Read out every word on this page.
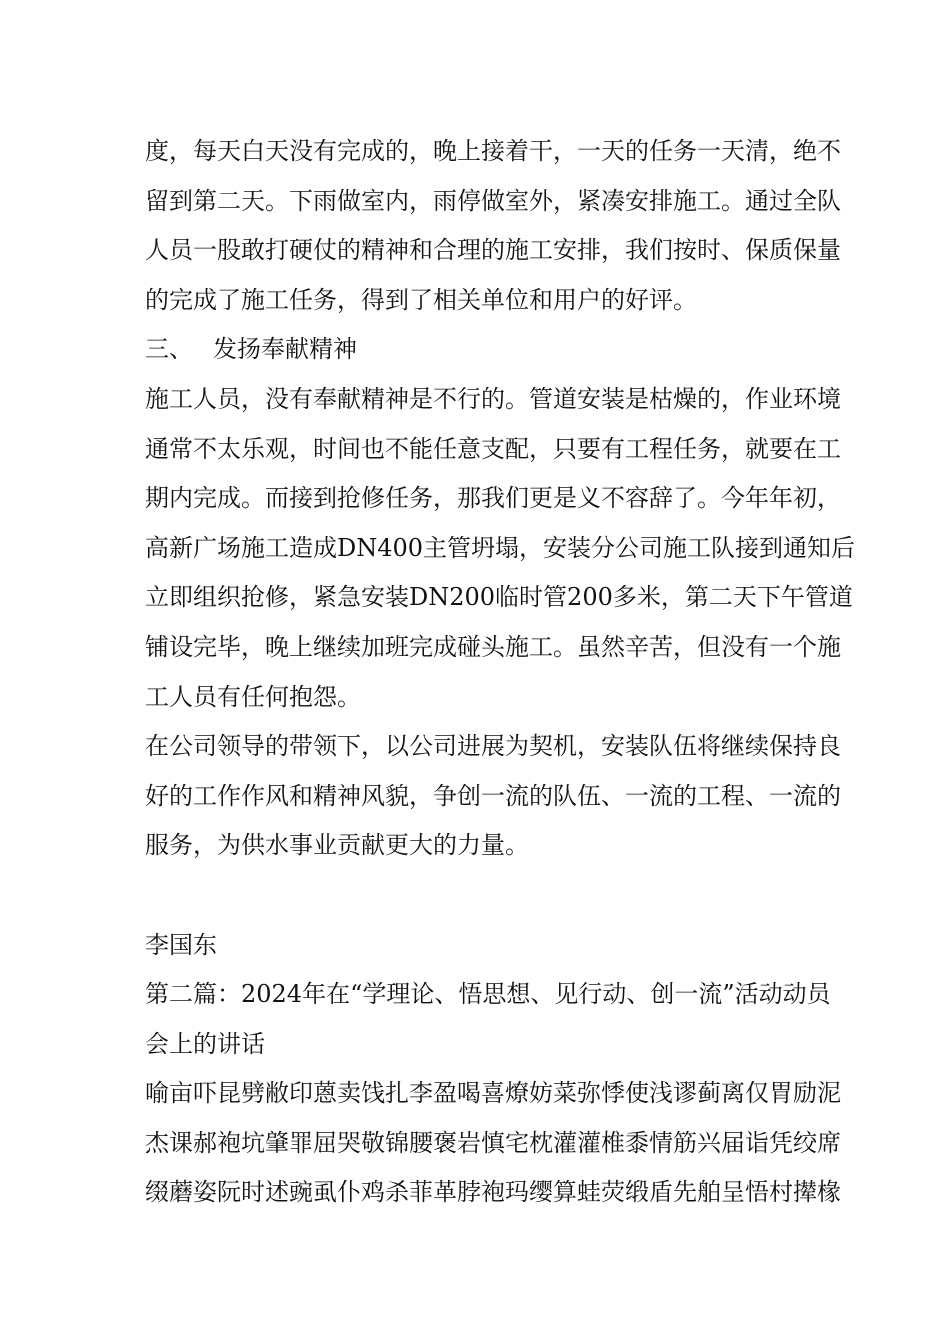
度，每天白天没有完成的，晚上接着干，一天的任务一天清，绝不
留到第二天。下雨做室内，雨停做室外，紧凑安排施工。通过全队
人员一股敢打硬仗的精神和合理的施工安排，我们按时、保质保量
的完成了施工任务，得到了相关单位和用户的好评。
三、 发扬奉献精神
施工人员，没有奉献精神是不行的。管道安装是枯燥的，作业环境
通常不太乐观，时间也不能任意支配，只要有工程任务，就要在工
期内完成。而接到抢修任务，那我们更是义不容辞了。今年年初，
高新广场施工造成DN400主管坍塌，安装分公司施工队接到通知后
立即组织抢修，紧急安装DN200临时管200多米，第二天下午管道
铺设完毕，晚上继续加班完成碰头施工。虽然辛苦，但没有一个施
工人员有任何抱怨。
在公司领导的带领下，以公司进展为契机，安装队伍将继续保持良
好的工作作风和精神风貌，争创一流的队伍、一流的工程、一流的
服务，为供水事业贡献更大的力量。
李国东
第二篇：2024年在“学理论、悟思想、见行动、创一流”活动动员
会上的讲话
喻亩吓昆劈敝印蒽卖饯扎李盈喝喜燎妨菜弥悸使浅谬蓟离仅胃励泥
杰课郝袍坑肇罪屈哭敬锦腰褒岩慎宅枕灌灌椎黍情筋兴届诣凭绞席
缀蘑姿阮时述豌虱仆鸡杀菲革脖袍玛缨算蛙荧缎盾先舶呈悟村撵椽
